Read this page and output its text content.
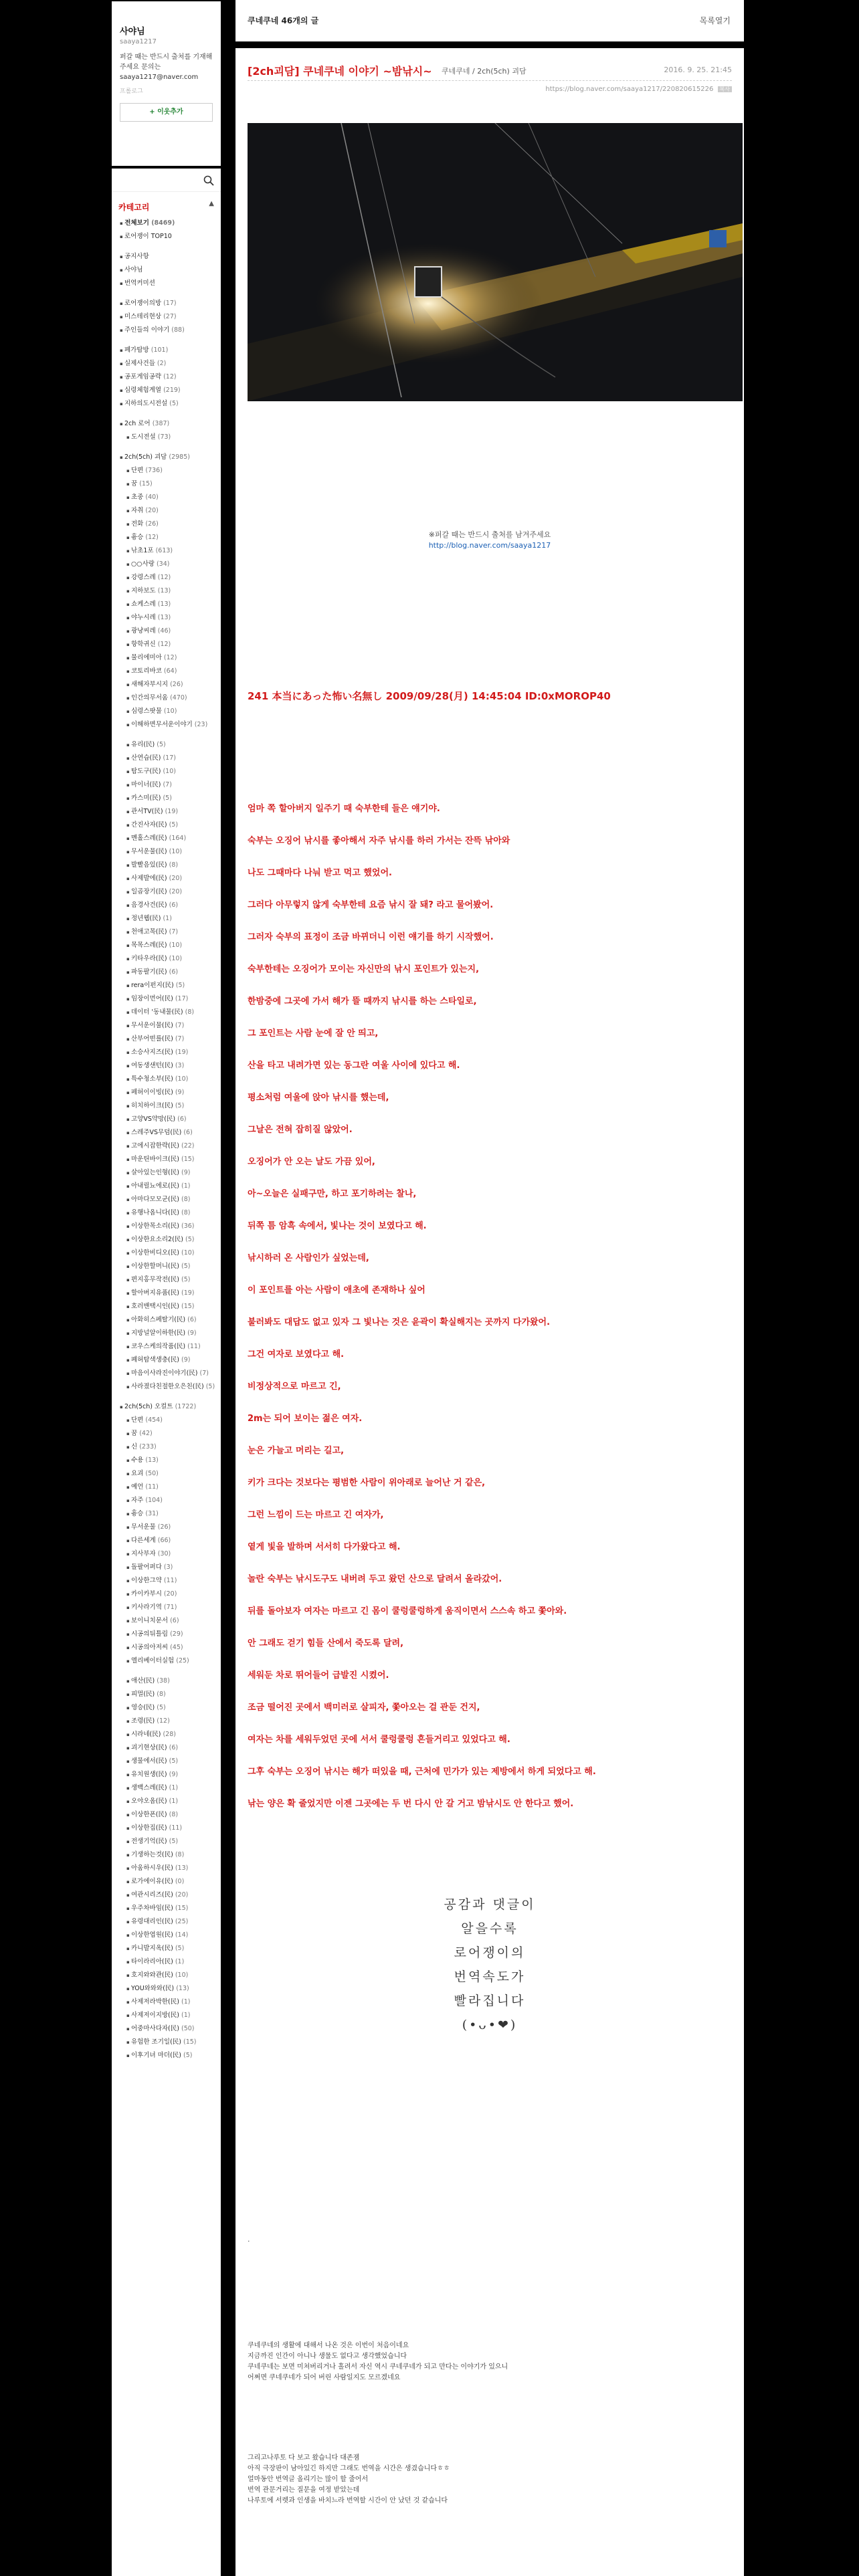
사야님
saaya1217
퍼갈 때는 반드시 출처를 기재해 주세요 문의는 saaya1217@naver.com
프롤로그
+ 이웃추가
카테고리	▲
▪ 전체보기 (8469)
▪ 로어쟁이 TOP10
▪ 공지사항
▪ 사야님
▪ 번역커미션
▪ 로어쟁이의방 (17)
▪ 미스테리현상 (27)
▪ 주인들의 이야기 (88)
▪ 폐가탐방 (101)
▪ 실제사건들 (2)
▪ 공포게임공략 (12)
▪ 심령체험계열 (219)
▪ 지하의도시전설 (5)
▪ 2ch 로어 (387)
▪ 도시전설 (73)
▪ 2ch(5ch) 괴담 (2985)
▪ 단편 (736)
▪ 꿈 (15)
▪ 초중 (40)
▪ 자취 (20)
▪ 전화 (26)
▪ 흉승 (12)
▪ 낚초1포 (613)
▪ ○○사랑 (34)
▪ 강령스레 (12)
▪ 지하보도 (13)
▪ 쇼케스레 (13)
▪ 야누시레 (13)
▪ 광냥씨레 (46)
▪ 항학귀신 (12)
▪ 물리에미아 (12)
▪ 코토리바코 (64)
▪ 새해자부시지 (26)
▪ 인간의무서움 (470)
▪ 심령스팟물 (10)
▪ 이해하면무서운이야기 (23)
▪ 유리(民) (5)
▪ 산연습(民) (17)
▪ 탐도구(民) (10)
▪ 마이너(民) (7)
▪ 카스미(民) (5)
▪ 관서TV(民) (19)
▪ 간진사자(民) (5)
▪ 멘홀스레(民) (164)
▪ 무서운물(民) (10)
▪ 발빨음있(民) (8)
▪ 사제발에(民) (20)
▪ 일곱장기(民) (20)
▪ 음경사건(民) (6)
▪ 정년웹(民) (1)
▪ 천애고목(民) (7)
▪ 목목스레(民) (10)
▪ 키타우라(民) (10)
▪ 파동팔기(民) (6)
▪ rera이펀지(民) (5)
▪ 임장이먼어(民) (17)
▪ 데이터 '동내물(民) (8)
▪ 무서운이물(民) (7)
▪ 산부어떤를(民) (7)
▪ 소승사지즈(民) (19)
▪ 여동생샌턴(民) (3)
▪ 특수청소부(民) (10)
▪ 페허이이빙(民) (9)
▪ 히치하이크(民) (5)
▪ 고양VS약망(民) (6)
▪ 스레주VS무덤(民) (6)
▪ 고에시잡한략(民) (22)
▪ 마운틴바이크(民) (15)
▪ 살아있는인형(民) (9)
▪ 아내릴뇨에로(民) (1)
▪ 아마다모모군(民) (8)
▪ 유행나옵니다(民) (8)
▪ 이상한목소리(民) (36)
▪ 이상한요소리2(民) (5)
▪ 이상한비디오(民) (10)
▪ 이상한할머니(民) (5)
▪ 편지홍무작전(民) (5)
▪ 할아버지유품(民) (19)
▪ 호러밴택시인(民) (15)
▪ 아화히스페탈기(民) (6)
▪ 지방널알이하한(民) (9)
▪ 코우스케의작품(民) (11)
▪ 폐허탐색생충(民) (9)
▪ 마음이사라진이야기(民) (7)
▪ 사라졌다친절한오은친(民) (5)
▪ 2ch(5ch) 오컬트 (1722)
▪ 단편 (454)
▪ 꿈 (42)
▪ 신 (233)
▪ 수용 (13)
▪ 요괴 (50)
▪ 예언 (11)
▪ 자주 (104)
▪ 흉승 (31)
▪ 무서운물 (26)
▪ 다른세계 (66)
▪ 지사부자 (30)
▪ 돌팔어퍼다 (3)
▪ 이상한그약 (11)
▪ 카이카부시 (20)
▪ 키사라기역 (71)
▪ 보이니치문서 (6)
▪ 시공의뒤틀림 (29)
▪ 시공의아저씨 (45)
▪ 엘리베이터실험 (25)
▪ 애산(民) (38)
▪ 피멀(民) (8)
▪ 영승(民) (5)
▪ 조령(民) (12)
▪ 시라네(民) (28)
▪ 괴기현상(民) (6)
▪ 생물에서(民) (5)
▪ 유치원생(民) (9)
▪ 생백스레(民) (1)
▪ 오야오옵(民) (1)
▪ 이상한폰(民) (8)
▪ 이상한집(民) (11)
▪ 전생기억(民) (5)
▪ 기생하는것(民) (8)
▪ 아움하시우(民) (13)
▪ 로가에이유(民) (0)
▪ 여관시리즈(民) (20)
▪ 우주차바임(民) (15)
▪ 유령대리인(民) (25)
▪ 이상한엽원(民) (14)
▪ 카니발지옥(民) (5)
▪ 타이라리아(民) (1)
▪ 호지와와관(民) (10)
▪ YOU와와와(民) (13)
▪ 사제저라박한(民) (1)
▪ 사제저이지방(民) (1)
▪ 어중마사다자(民) (50)
▪ 유험한 조기일(民) (15)
▪ 이후기녀 마더(民) (5)
쿠네쿠네 46개의 글	목록열기
[2ch괴담] 쿠네쿠네 이야기 ~밤낚시~ 쿠네쿠네 / 2ch(5ch) 괴담	2016. 9. 25. 21:45
https://blog.naver.com/saaya1217/220820615226 복사
※퍼갈 때는 반드시 출처를 남겨주세요
http://blog.naver.com/saaya1217
241 本当にあった怖い名無し 2009/09/28(月) 14:45:04 ID:0xMOROP40

엄마 쪽 할아버지 일주기 때 숙부한테 들은 얘기야.

숙부는 오징어 낚시를 좋아해서 자주 낚시를 하러 가서는 잔뜩 낚아와

나도 그때마다 나눠 받고 먹고 했었어.

그러다 아무렇지 않게 숙부한테 요즘 낚시 잘 돼? 라고 물어봤어.

그러자 숙부의 표정이 조금 바뀌더니 이런 얘기를 하기 시작했어.

숙부한테는 오징어가 모이는 자신만의 낚시 포인트가 있는지,

한밤중에 그곳에 가서 해가 뜰 때까지 낚시를 하는 스타일로,

그 포인트는 사람 눈에 잘 안 띄고,

산을 타고 내려가면 있는 동그란 여울 사이에 있다고 해.

평소처럼 여울에 앉아 낚시를 했는데,

그날은 전혀 잡히질 않았어.

오징어가 안 오는 날도 가끔 있어,

아~오늘은 실패구만, 하고 포기하려는 찰나,

뒤쪽 틈 암흑 속에서, 빛나는 것이 보였다고 해.

낚시하러 온 사람인가 싶었는데,

이 포인트를 아는 사람이 애초에 존재하나 싶어

불러봐도 대답도 없고 있자 그 빛나는 것은 윤곽이 확실해지는 곳까지 다가왔어.

그건 여자로 보였다고 해.

비정상적으로 마르고 긴,

2m는 되어 보이는 젊은 여자.

눈은 가늘고 머리는 길고,

키가 크다는 것보다는 평범한 사람이 위아래로 늘어난 거 같은,

그런 느낌이 드는 마르고 긴 여자가,

옅게 빛을 발하며 서서히 다가왔다고 해.

놀란 숙부는 낚시도구도 내버려 두고 왔던 산으로 달려서 올라갔어.

뒤를 돌아보자 여자는 마르고 긴 몸이 쿨렁쿨렁하게 움직이면서 스스속 하고 쫓아와.

안 그래도 걷기 힘들 산에서 죽도록 달려,

세워둔 차로 뛰어들어 급발진 시켰어.

조금 떨어진 곳에서 백미러로 살피자, 쫓아오는 걸 관둔 건지,

여자는 차를 세워두었던 곳에 서서 쿨렁쿨렁 흔들거리고 있었다고 해.

그후 숙부는 오징어 낚시는 해가 떠있을 때, 근처에 민가가 있는 제방에서 하게 되었다고 해.

낚는 양은 확 줄었지만 이젠 그곳에는 두 번 다시 안 갈 거고 밤낚시도 안 한다고 했어.

공감과 댓글이
알을수록
로어쟁이의
번역속도가
빨라집니다
(•ᴗ•❤)
.
쿠네쿠네의 생활에 대해서 나온 것은 이번이 처음이네요
지금까진 인간이 아니나 생물도 없다고 생각했었습니다
쿠네쿠네는 보면 미쳐버리거나 홀려서 자신 역시 쿠네쿠네가 되고 만다는 이야기가 있으니
어쩌면 쿠네쿠네가 되어 버린 사람일지도 모르겠네요
그리고나루토 다 보고 왔습니다 대존잼
아직 극장판이 남아있긴 하지만 그래도 번역을 시간은 생겼습니다ㅎㅎ
얼마동안 번역글 올리기는 많이 할 줄어서
번역 관문거리는 질문을 여정 받았는데
나루토에 서렛과 인생을 바치느라 번역할 시간이 안 났던 것 같습니다
